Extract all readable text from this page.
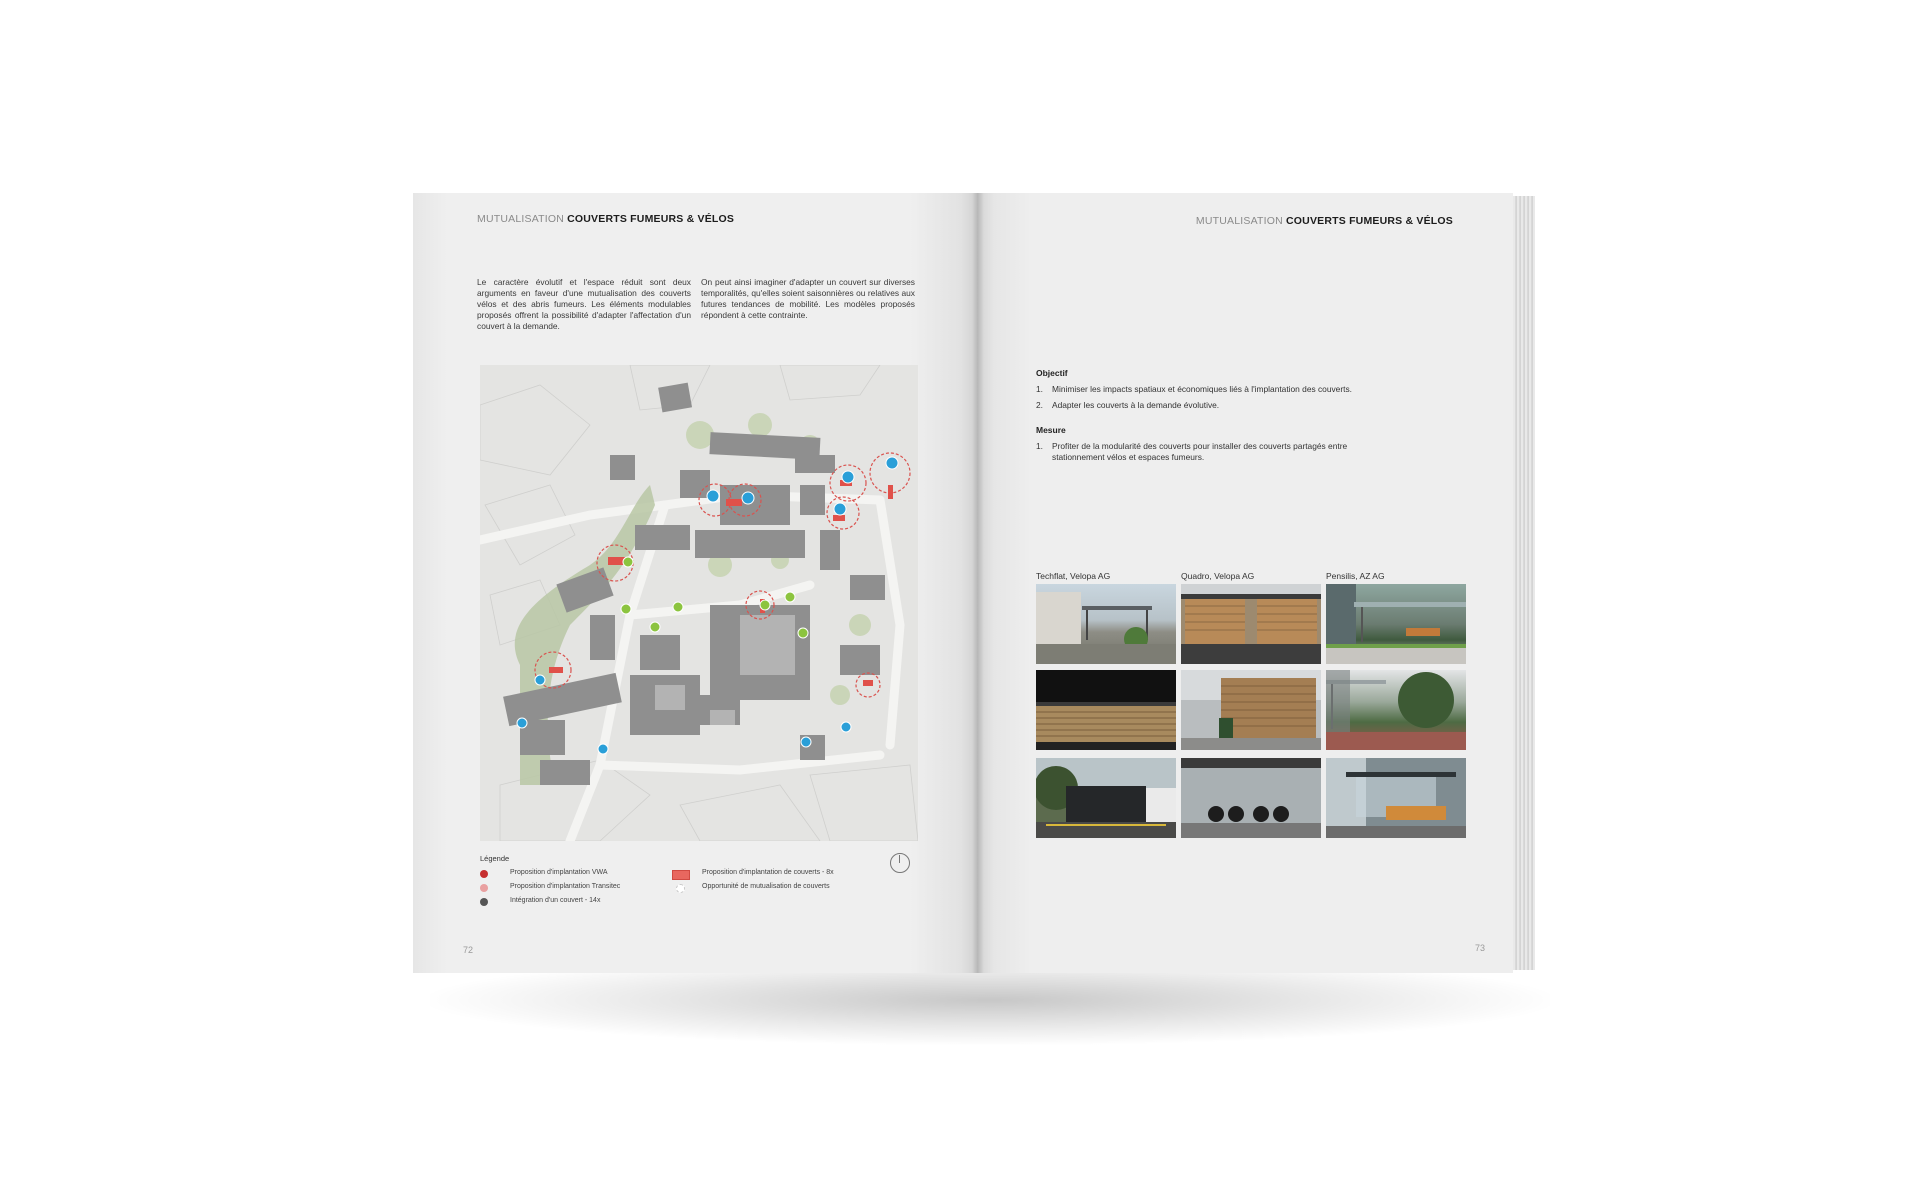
MUTUALISATION COUVERTS FUMEURS & VÉLOS
Le caractère évolutif et l'espace réduit sont deux arguments en faveur d'une mutualisation des couverts vélos et des abris fumeurs. Les éléments modulables proposés offrent la possibilité d'adapter l'affectation d'un couvert à la demande.
On peut ainsi imaginer d'adapter un couvert sur diverses temporalités, qu'elles soient saisonnières ou relatives aux futures tendances de mobilité. Les modèles proposés répondent à cette contrainte.
Légende
Proposition d'implantation VWA
Proposition d'implantation Transitec
Intégration d'un couvert - 14x
Proposition d'implantation de couverts - 8x
Opportunité de mutualisation de couverts
72
MUTUALISATION COUVERTS FUMEURS & VÉLOS
Objectif
1. Minimiser les impacts spatiaux et économiques liés à l'implantation des couverts.
2. Adapter les couverts à la demande évolutive.
Mesure
1. Profiter de la modularité des couverts pour installer des couverts partagés entre stationnement vélos et espaces fumeurs.
Techflat, Velopa AG	Quadro, Velopa AG	Pensilis, AZ AG
73
